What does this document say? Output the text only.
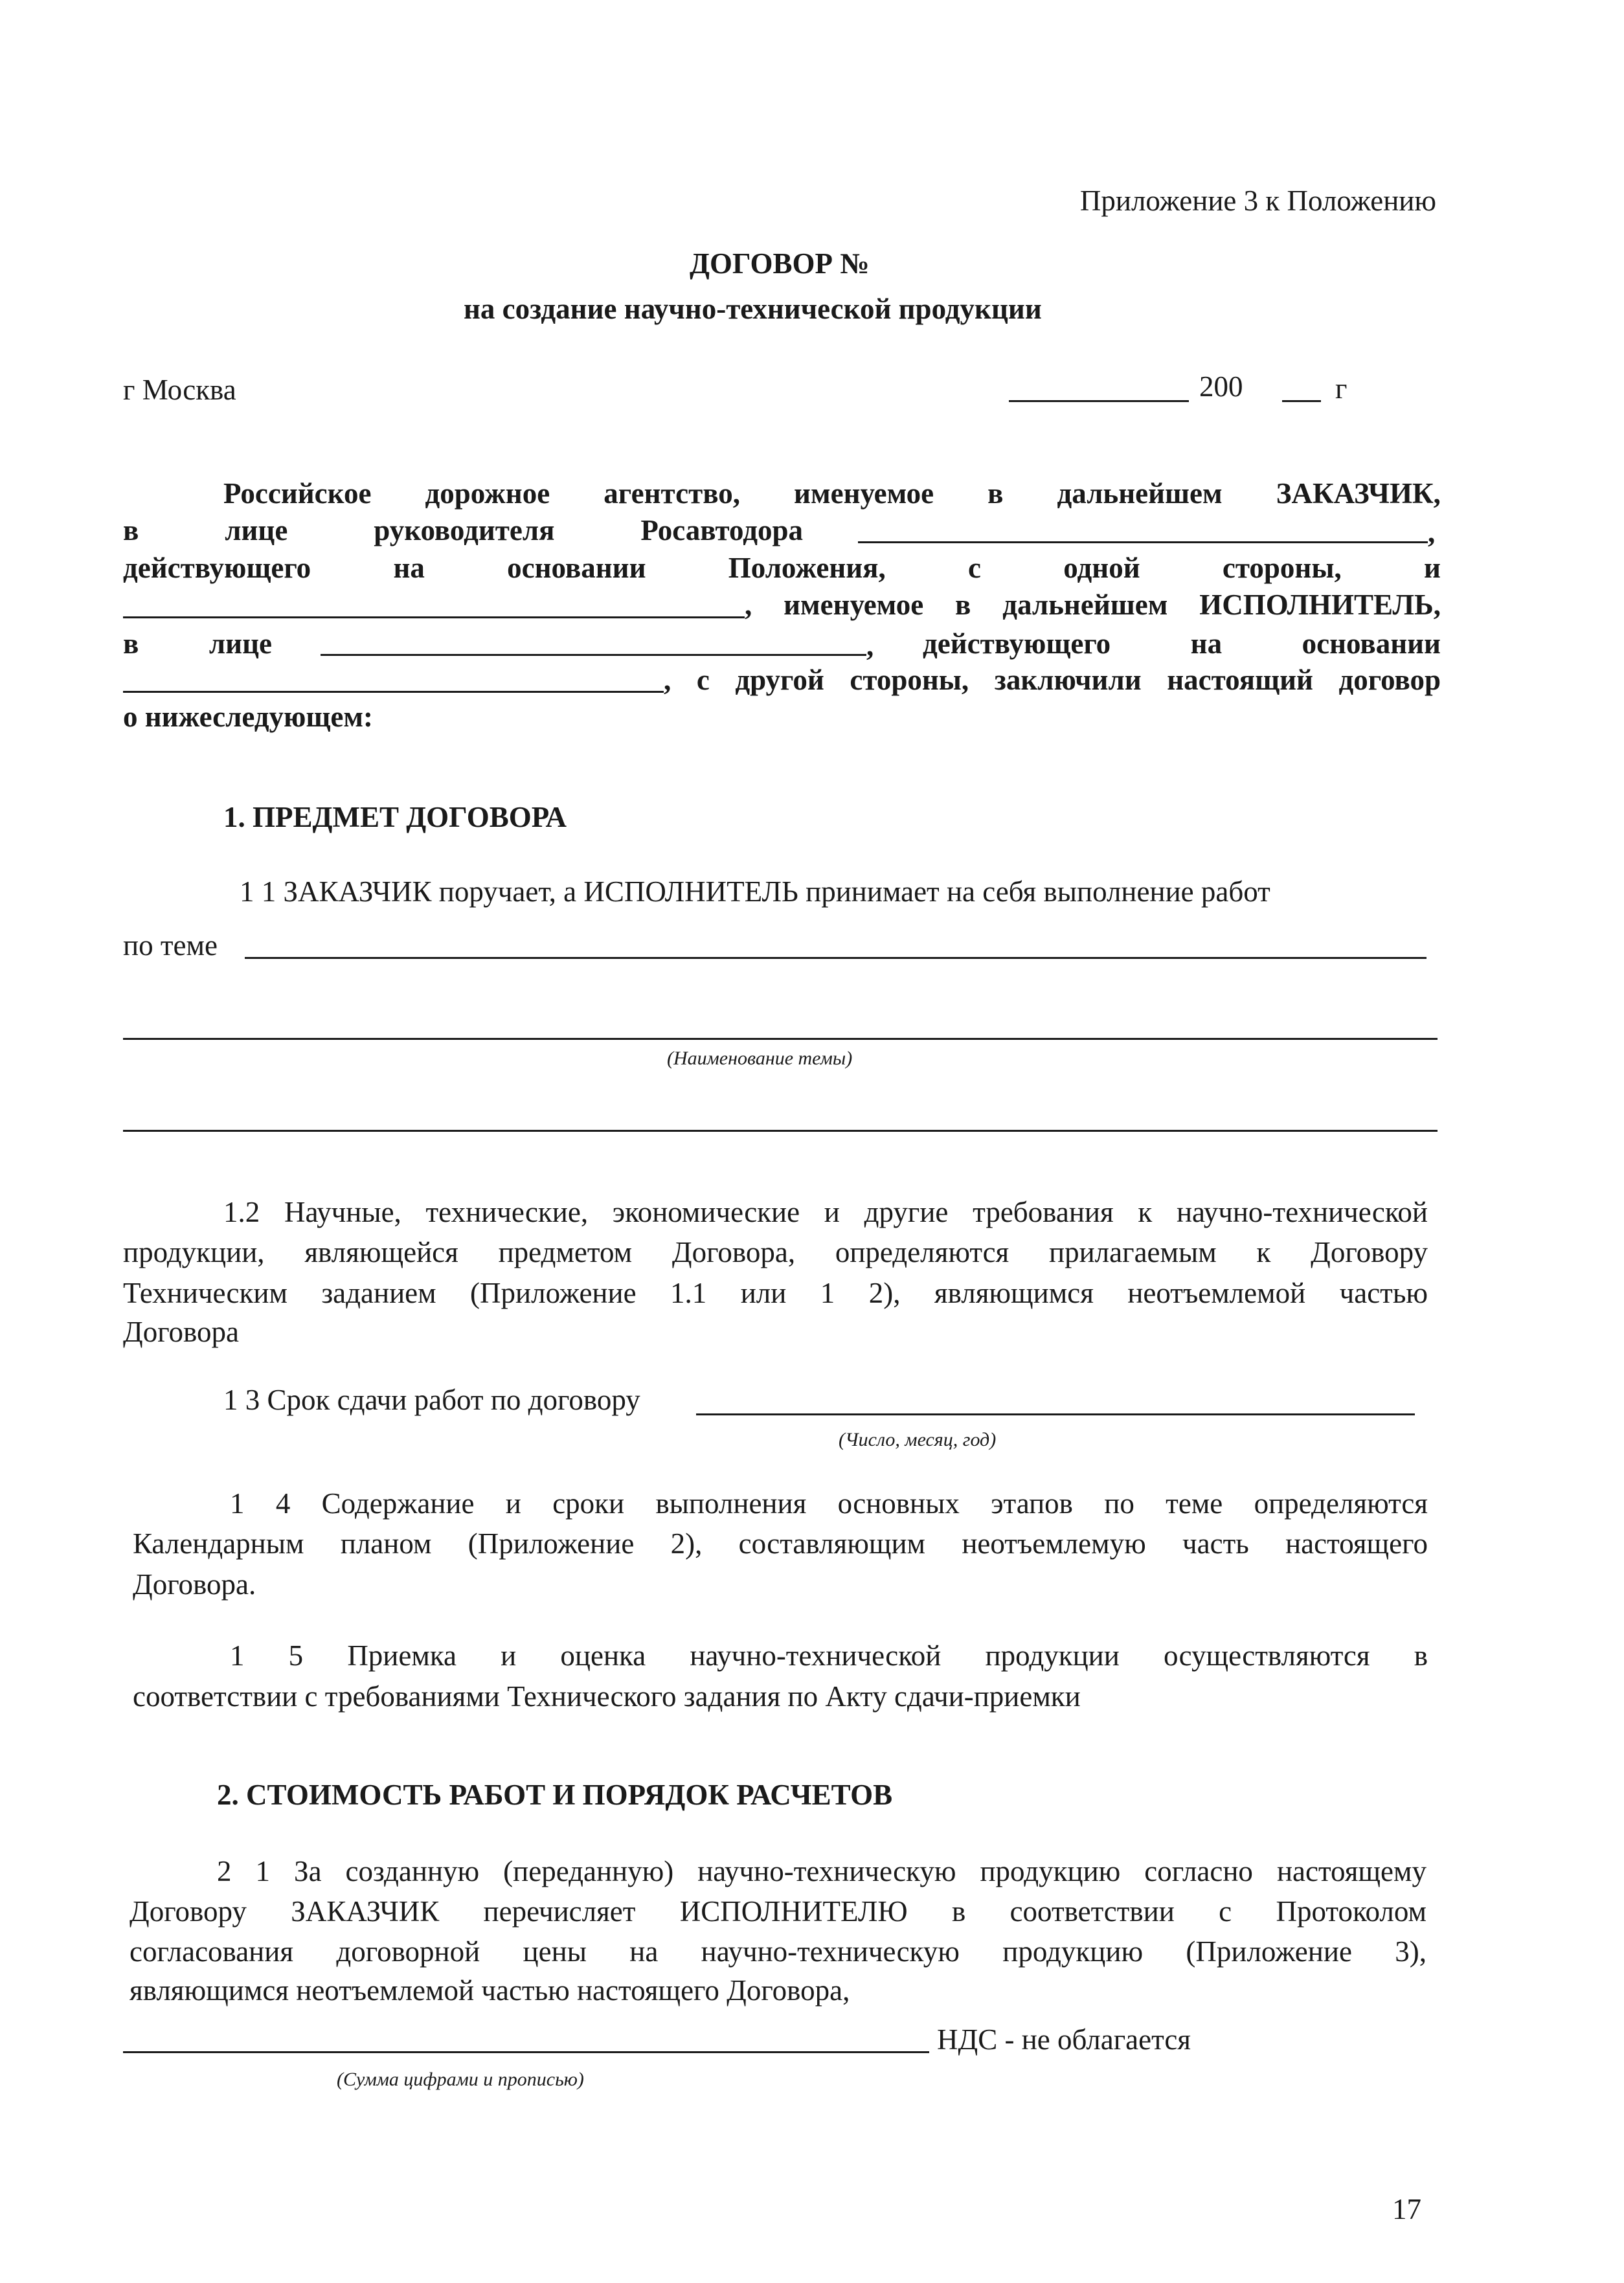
Приложение 3 к Положению
ДОГОВОР №
на создание научно-технической продукции
г Москва	200	г
Российское дорожное агентство, именуемое в дальнейшем ЗАКАЗЧИК,
в	лице	руководителя	Росавтодора	,
действующего	на	основании	Положения,	с	одной	стороны,	и
, именуемое в дальнейшем ИСПОЛНИТЕЛЬ,
в лице	, действующего	на	основании
, с другой стороны, заключили настоящий договор
о нижеследующем:
1. ПРЕДМЕТ ДОГОВОРА
1 1 ЗАКАЗЧИК поручает, а ИСПОЛНИТЕЛЬ принимает на себя выполнение работ
по теме
(Наименование темы)
1.2 Научные, технические, экономические и другие требования к научно-технической
продукции, являющейся предметом Договора, определяются прилагаемым к Договору
Техническим заданием (Приложение 1.1 или 1 2), являющимся неотъемлемой частью
Договора
1 3 Срок сдачи работ по договору
(Число, месяц, год)
1 4 Содержание и сроки выполнения основных этапов по теме определяются
Календарным планом (Приложение 2), составляющим неотъемлемую часть настоящего
Договора.
1 5 Приемка и оценка научно-технической продукции осуществляются в
соответствии с требованиями Технического задания по Акту сдачи-приемки
2. СТОИМОСТЬ РАБОТ И ПОРЯДОК РАСЧЕТОВ
2 1 За созданную (переданную) научно-техническую продукцию согласно настоящему
Договору ЗАКАЗЧИК перечисляет ИСПОЛНИТЕЛЮ в соответствии с Протоколом
согласования договорной цены на научно-техническую продукцию (Приложение 3),
являющимся неотъемлемой частью настоящего Договора,
НДС - не облагается
(Сумма цифрами и прописью)
17
